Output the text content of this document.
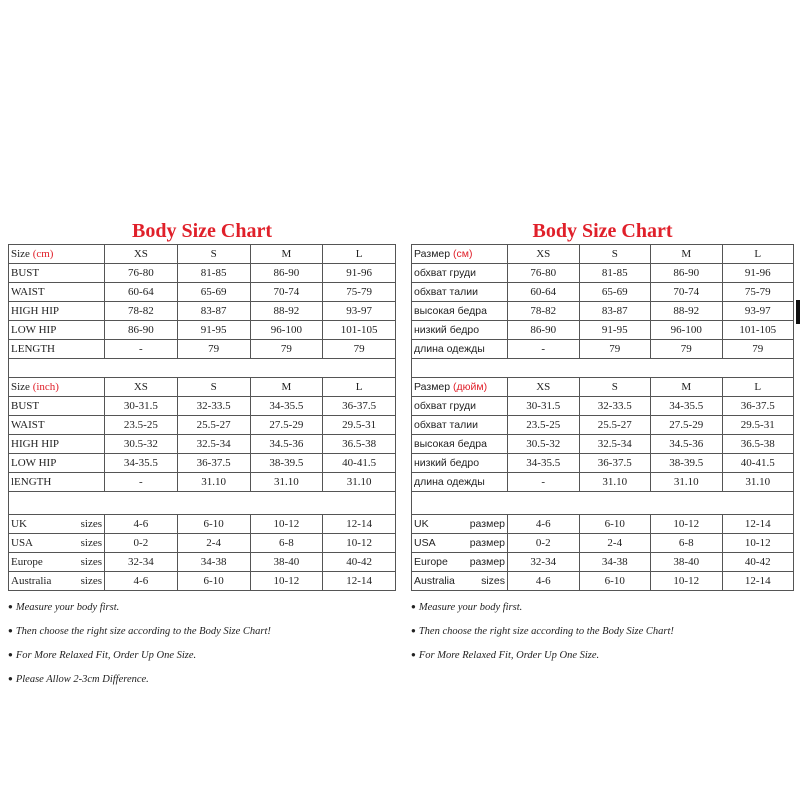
Body Size Chart
Size (cm)	XS	S	M	L
BUST	76-80	81-85	86-90	91-96
WAIST	60-64	65-69	70-74	75-79
HIGH HIP	78-82	83-87	88-92	93-97
LOW HIP	86-90	91-95	96-100	101-105
LENGTH	-	79	79	79

Size (inch)	XS	S	M	L
BUST	30-31.5	32-33.5	34-35.5	36-37.5
WAIST	23.5-25	25.5-27	27.5-29	29.5-31
HIGH HIP	30.5-32	32.5-34	34.5-36	36.5-38
LOW HIP	34-35.5	36-37.5	38-39.5	40-41.5
lENGTH	-	31.10	31.10	31.10

UK sizes	4-6	6-10	10-12	12-14

USA sizes	0-2	2-4	6-8	10-12

Europe sizes	32-34	34-38	38-40	40-42

Australia sizes	4-6	6-10	10-12	12-14
● Measure your body first.
● Then choose the right size according to the Body Size Chart!
● For More Relaxed Fit, Order Up One Size.
● Please Allow 2-3cm Difference.
Body Size Chart
Размер (см)	XS	S	M	L
обхват груди	76-80	81-85	86-90	91-96
обхват талии	60-64	65-69	70-74	75-79
высокая бедра	78-82	83-87	88-92	93-97
низкий бедро	86-90	91-95	96-100	101-105
длина одежды	-	79	79	79

Размер (дюйм)	XS	S	M	L
обхват груди	30-31.5	32-33.5	34-35.5	36-37.5
обхват талии	23.5-25	25.5-27	27.5-29	29.5-31
высокая бедра	30.5-32	32.5-34	34.5-36	36.5-38
низкий бедро	34-35.5	36-37.5	38-39.5	40-41.5
длина одежды	-	31.10	31.10	31.10

UK размер	4-6	6-10	10-12	12-14

USA размер	0-2	2-4	6-8	10-12

Europe размер	32-34	34-38	38-40	40-42

Australia sizes	4-6	6-10	10-12	12-14
● Measure your body first.
● Then choose the right size according to the Body Size Chart!
● For More Relaxed Fit, Order Up One Size.
